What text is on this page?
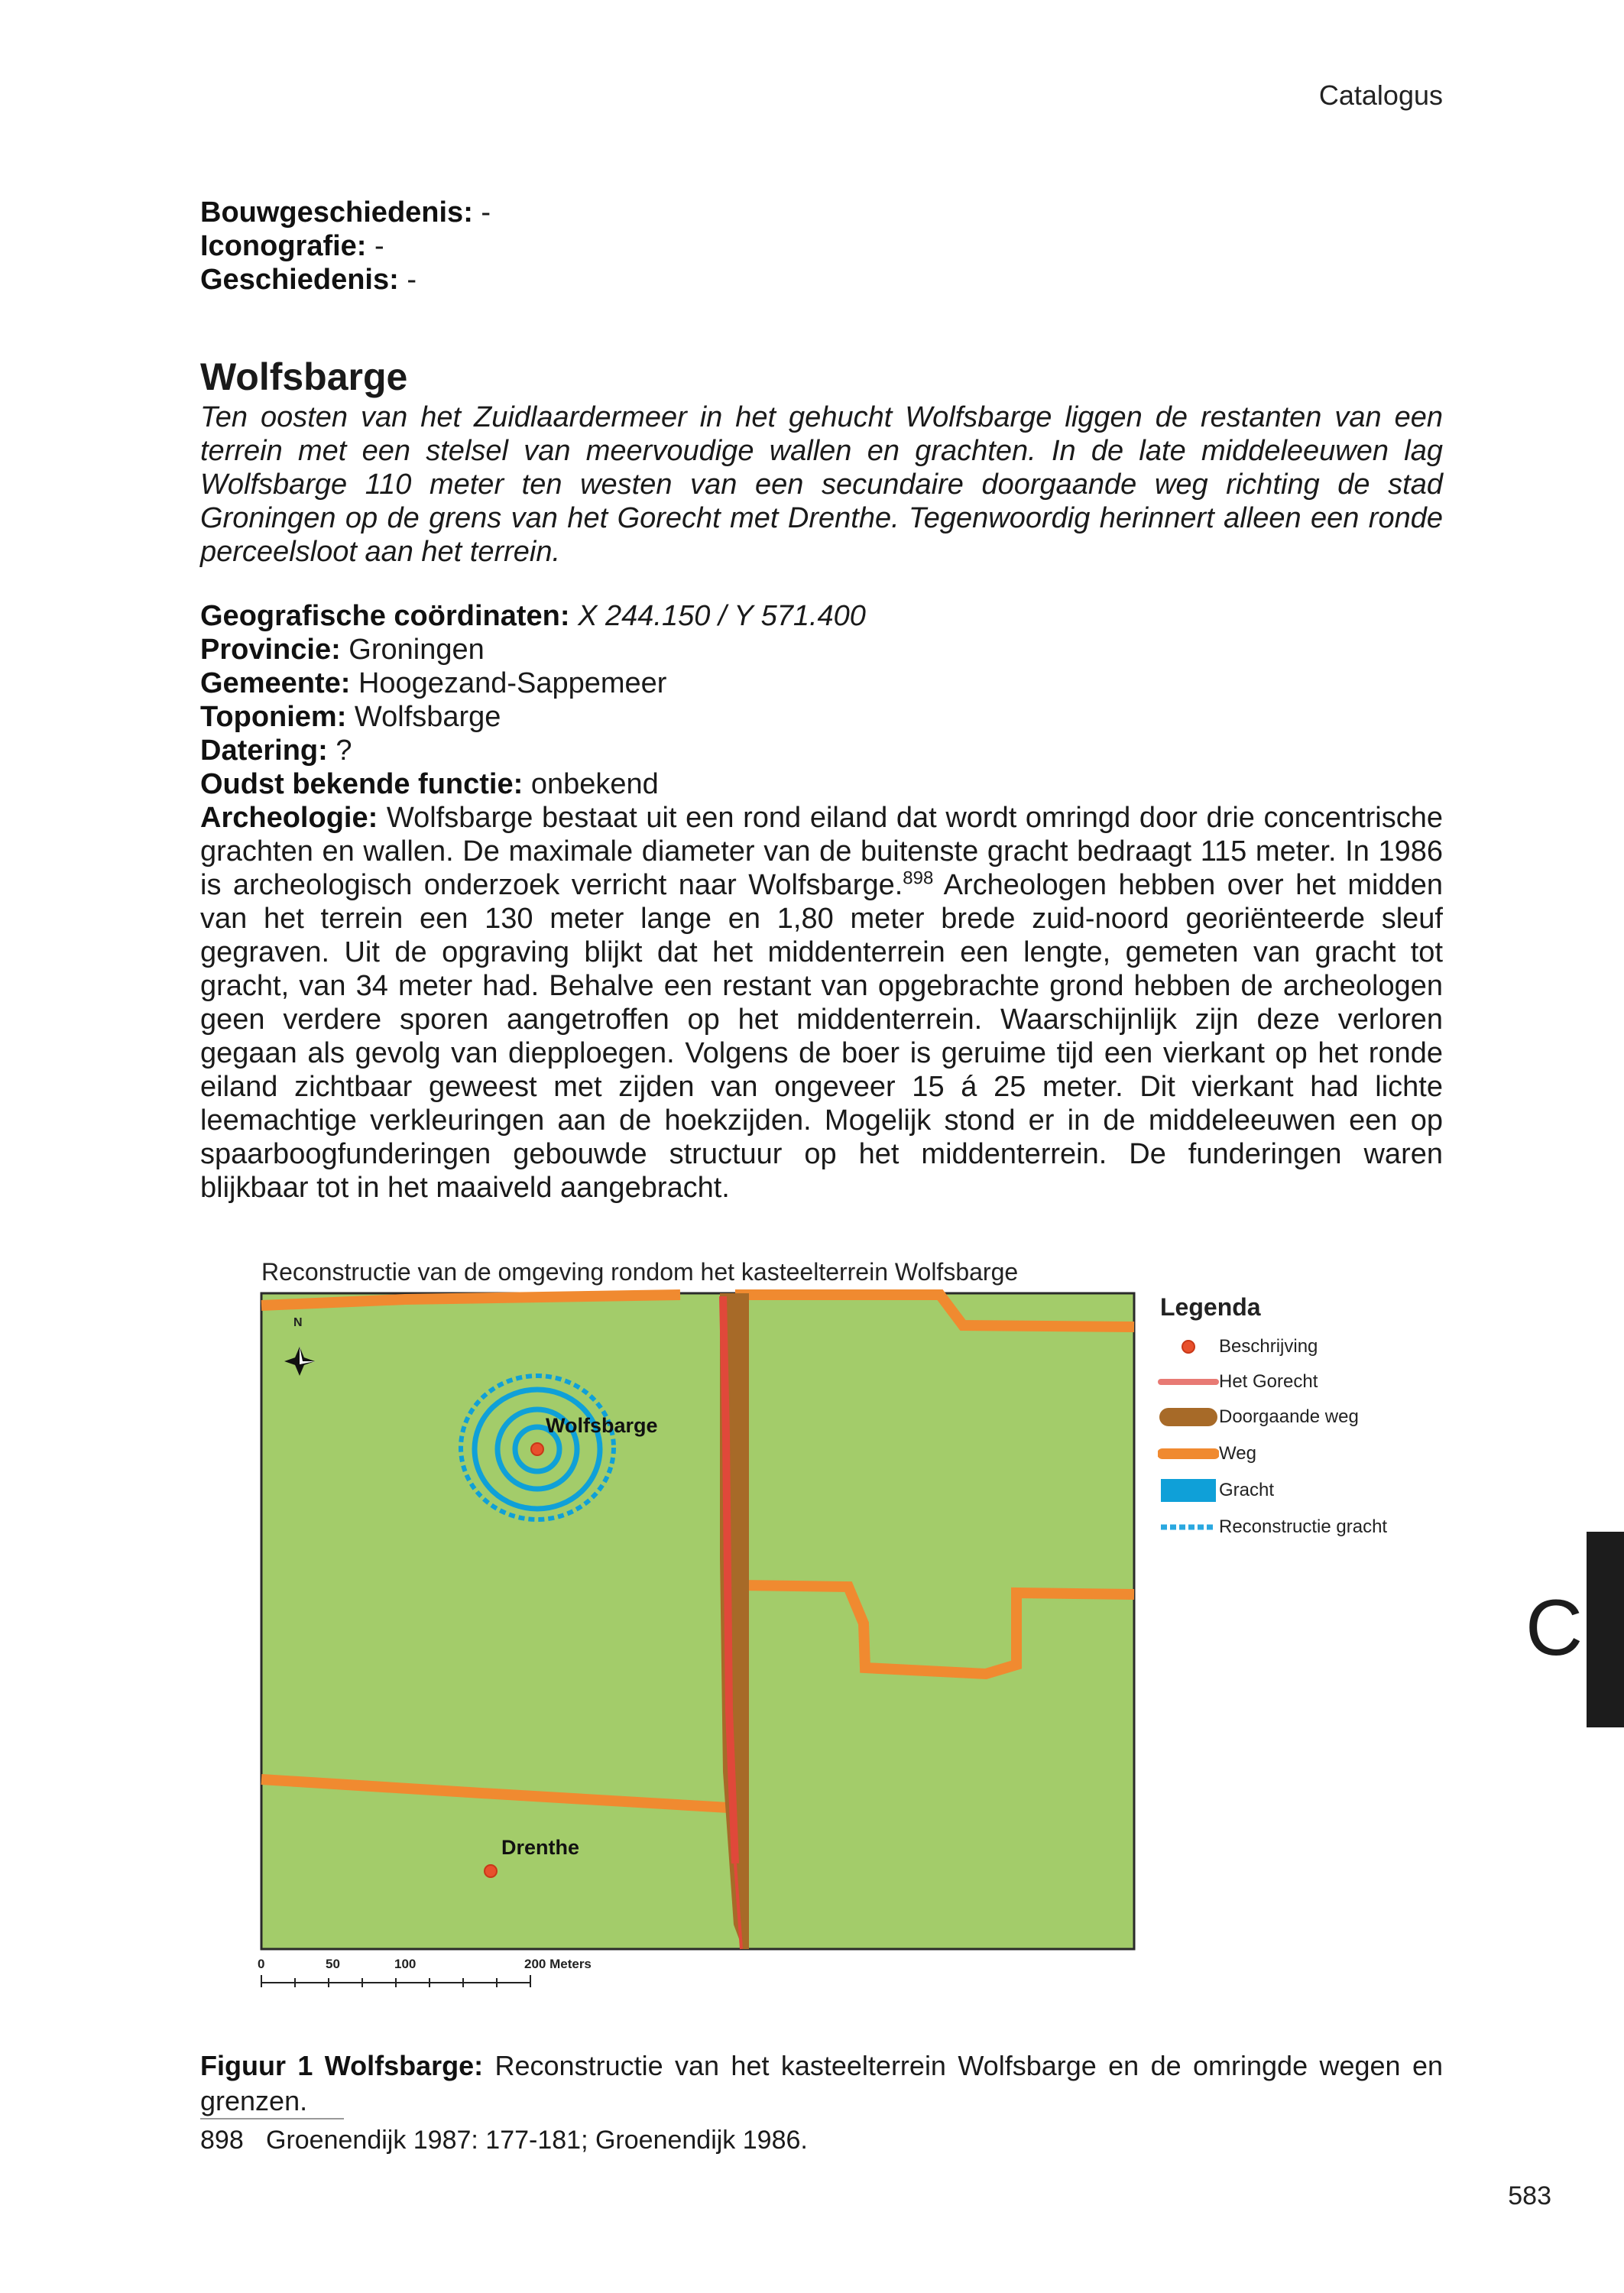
Catalogus
Bouwgeschiedenis: -
Iconografie: -
Geschiedenis: -
Wolfsbarge

Ten oosten van het Zuidlaardermeer in het gehucht Wolfsbarge liggen de restanten van een terrein met een stelsel van meervoudige wallen en grachten. In de late middeleeuwen lag Wolfsbarge 110 meter ten westen van een secundaire doorgaande weg richting de stad Groningen op de grens van het Gorecht met Drenthe. Tegenwoordig herinnert alleen een ronde perceelsloot aan het terrein.

Geografische coördinaten: X 244.150 / Y 571.400
Provincie: Groningen
Gemeente: Hoogezand-Sappemeer
Toponiem: Wolfsbarge
Datering: ?
Oudst bekende functie: onbekend

Archeologie: Wolfsbarge bestaat uit een rond eiland dat wordt omringd door drie concentrische grachten en wallen. De maximale diameter van de buitenste gracht bedraagt 115 meter. In 1986 is archeologisch onderzoek verricht naar Wolfsbarge.$^{898}$ Archeologen hebben over het midden van het terrein een 130 meter lange en 1,80 meter brede zuid-noord georiënteerde sleuf gegraven. Uit de opgraving blijkt dat het middenterrein een lengte, gemeten van gracht tot gracht, van 34 meter had. Behalve een restant van opgebrachte grond hebben de archeologen geen verdere sporen aangetroffen op het middenterrein. Waarschijnlijk zijn deze verloren gegaan als gevolg van diepploegen. Volgens de boer is geruime tijd een vierkant op het ronde eiland zichtbaar geweest met zijden van ongeveer 15 á 25 meter. Dit vierkant had lichte leemachtige verkleuringen aan de hoekzijden. Mogelijk stond er in de middeleeuwen een op spaarboogfunderingen gebouwde structuur op het middenterrein. De funderingen waren blijkbaar tot in het maaiveld aangebracht.

Reconstructie van de omgeving rondom het kasteelterrein Wolfsbarge
N
Wolfsbarge
Drenthe
0	50	100	200 Meters
Legenda
Beschrijving
Het Gorecht
Doorgaande weg
Weg
Gracht
Reconstructie gracht

Figuur 1 Wolfsbarge: Reconstructie van het kasteelterrein Wolfsbarge en de omringde wegen en grenzen.

898 Groenendijk 1987: 177-181; Groenendijk 1986.
C
583
